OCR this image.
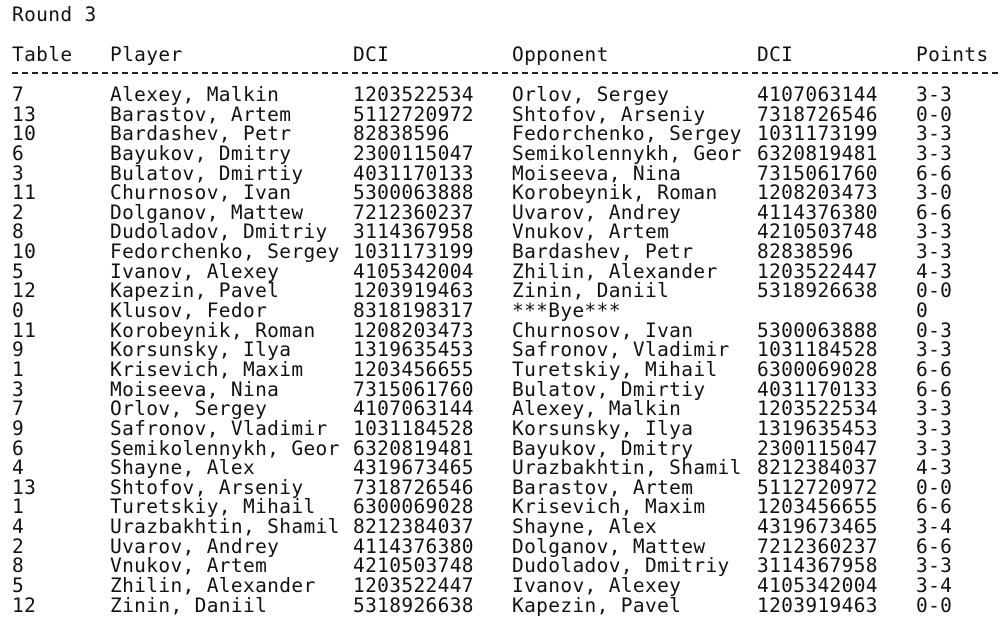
Round 3
Table Player	DCI	Opponent	DCI	Points
7	Alexey, Malkin	1203522534 Orlov, Sergey	4107063144 3-3
13	Barastov, Artem	5112720972 Shtofov, Arseniy	7318726546 0-0
10	Bardashev, Petr	82838596	Fedorchenko, Sergey 1031173199 3-3
6	Bayukov, Dmitry	2300115047 Semikolennykh, Geor 6320819481 3-3
3	Bulatov, Dmirtiy	4031170133 Moiseeva, Nina	7315061760 6-6
11	Churnosov, Ivan	5300063888 Korobeynik, Roman 1208203473 3-0
2	Dolganov, Mattew	7212360237 Uvarov, Andrey	4114376380 6-6
8	Dudoladov, Dmitriy 3114367958 Vnukov, Artem	4210503748 3-3
10	Fedorchenko, Sergey 1031173199 Bardashev, Petr	82838596	3-3
5	Ivanov, Alexey	4105342004 Zhilin, Alexander 1203522447 4-3
12	Kapezin, Pavel	1203919463 Zinin, Daniil	5318926638 0-0
0	Klusov, Fedor	8318198317 ***Bye***	0
11	Korobeynik, Roman 1208203473 Churnosov, Ivan	5300063888 0-3
9	Korsunsky, Ilya	1319635453 Safronov, Vladimir 1031184528 3-3
1	Krisevich, Maxim	1203456655 Turetskiy, Mihail 6300069028 6-6
3	Moiseeva, Nina	7315061760 Bulatov, Dmirtiy	4031170133 6-6
7	Orlov, Sergey	4107063144 Alexey, Malkin	1203522534 3-3
9	Safronov, Vladimir 1031184528 Korsunsky, Ilya	1319635453 3-3
6	Semikolennykh, Geor 6320819481 Bayukov, Dmitry	2300115047 3-3
4	Shayne, Alex	4319673465 Urazbakhtin, Shamil 8212384037 4-3
13	Shtofov, Arseniy	7318726546 Barastov, Artem	5112720972 0-0
1	Turetskiy, Mihail 6300069028 Krisevich, Maxim	1203456655 6-6
4	Urazbakhtin, Shamil 8212384037 Shayne, Alex	4319673465 3-4
2	Uvarov, Andrey	4114376380 Dolganov, Mattew	7212360237 6-6
8	Vnukov, Artem	4210503748 Dudoladov, Dmitriy 3114367958 3-3
5	Zhilin, Alexander 1203522447 Ivanov, Alexey	4105342004 3-4
12	Zinin, Daniil	5318926638 Kapezin, Pavel	1203919463 0-0
